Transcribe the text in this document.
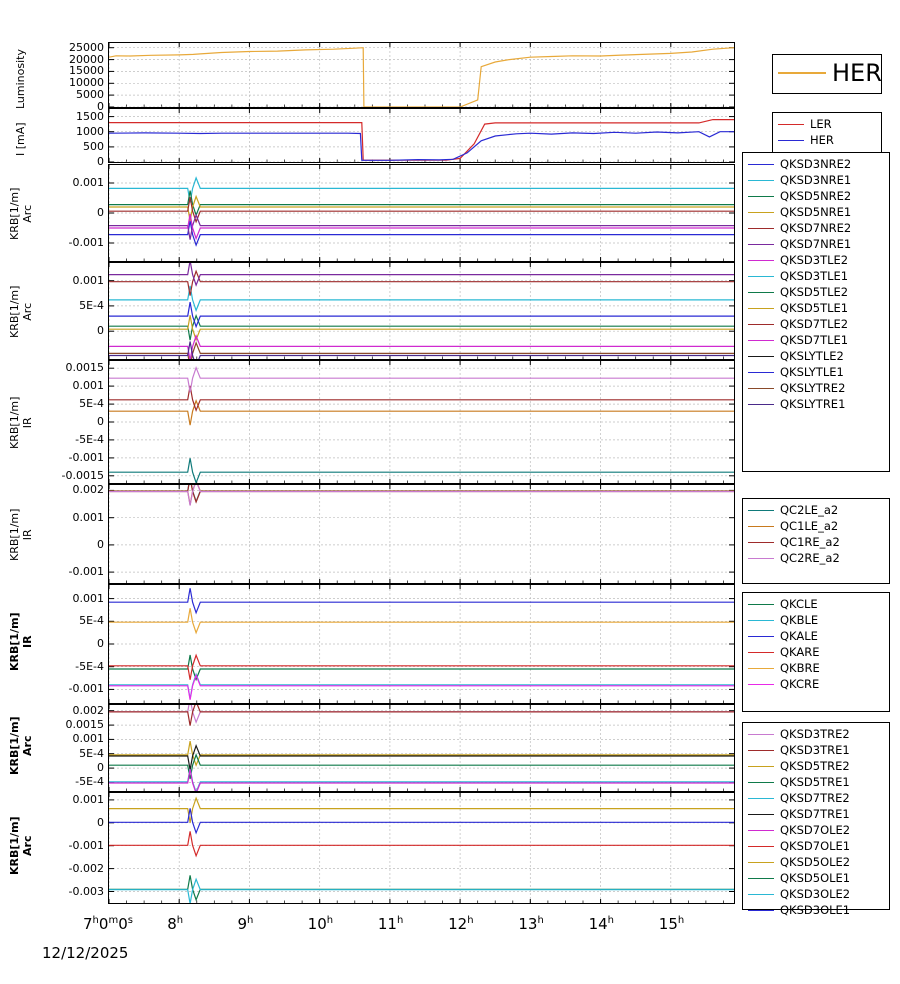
0
5000
10000
15000
20000
25000
Luminosity
0
500
1000
1500
I [mA]
0.001
0
-0.001
KRB[1/m] Arc
0.001
5E-4
0
KRB[1/m] Arc
0.0015
0.001
5E-4
0
-5E-4
-0.001
-0.0015
KRB[1/m] IR
0.002
0.001
0
-0.001
KRB[1/m] IR
0.001
5E-4
0
-5E-4
-0.001
KRB[1/m] IR
0.002
0.0015
0.001
5E-4
0
-5E-4
KRB[1/m] Arc
0.001
0
-0.001
-0.002
-0.003
KRB[1/m] Arc
7$^h$0$^m$0$^s$ 8$^h$	9$^h$	10$^h$	11$^h$	12$^h$	13$^h$	14$^h$	15$^h$
12/12/2025
HER
LER
HER
QKSD3NRE2
QKSD3NRE1
QKSD5NRE2
QKSD5NRE1
QKSD7NRE2
QKSD7NRE1
QKSD3TLE2
QKSD3TLE1
QKSD5TLE2
QKSD5TLE1
QKSD7TLE2
QKSD7TLE1
QKSLYTLE2
QKSLYTLE1
QKSLYTRE2
QKSLYTRE1
QC2LE_a2
QC1LE_a2
QC1RE_a2
QC2RE_a2
QKCLE
QKBLE
QKALE
QKARE
QKBRE
QKCRE
QKSD3TRE2
QKSD3TRE1
QKSD5TRE2
QKSD5TRE1
QKSD7TRE2
QKSD7TRE1
QKSD7OLE2
QKSD7OLE1
QKSD5OLE2
QKSD5OLE1
QKSD3OLE2
QKSD3OLE1
